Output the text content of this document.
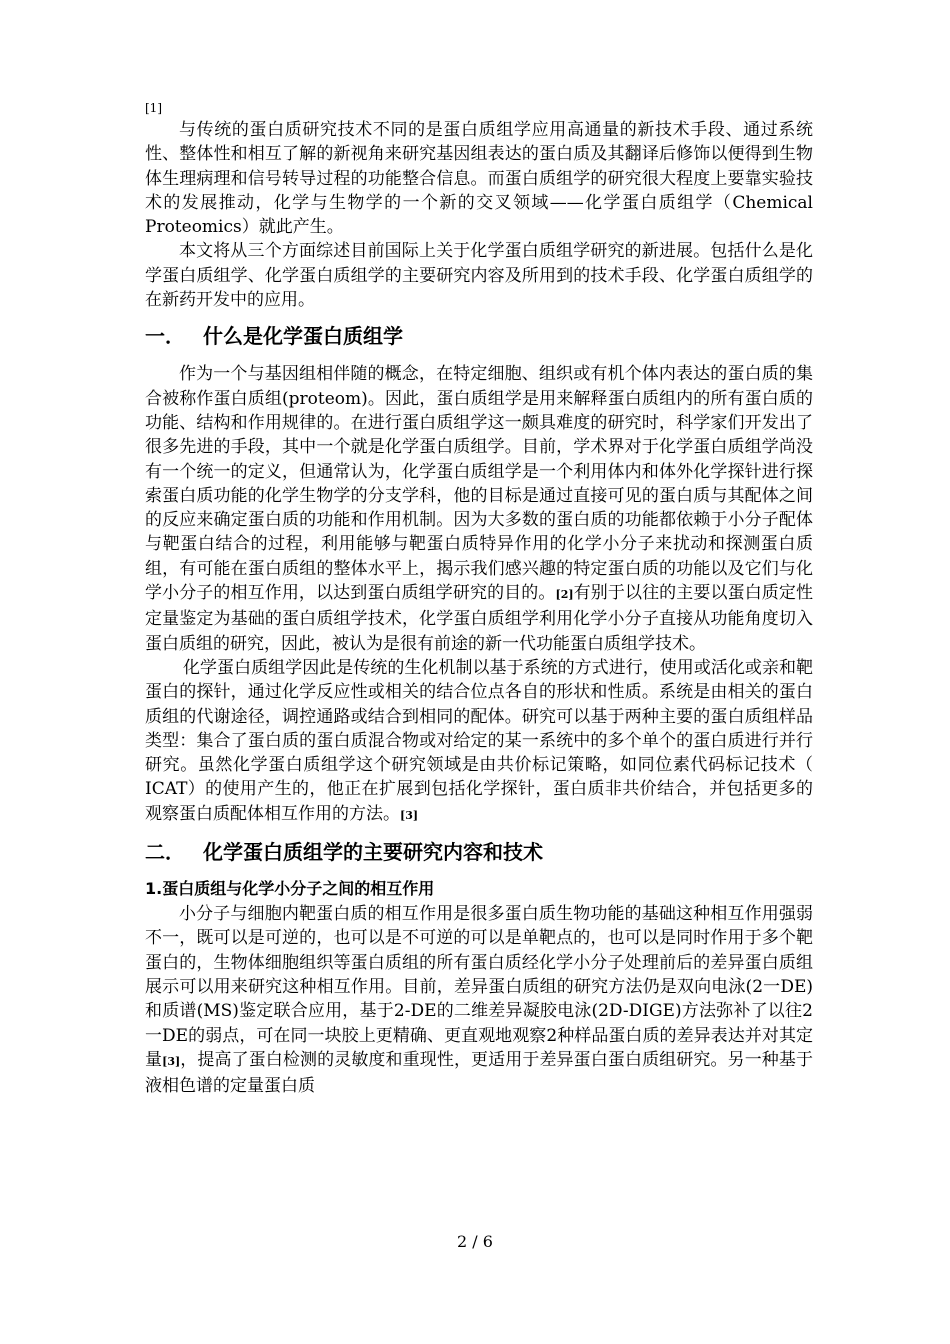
[1]

与传统的蛋白质研究技术不同的是蛋白质组学应用高通量的新技术手段、通过系统性、整体性和相互了解的新视角来研究基因组表达的蛋白质及其翻译后修饰以便得到生物体生理病理和信号转导过程的功能整合信息。而蛋白质组学的研究很大程度上要靠实验技术的发展推动，化学与生物学的一个新的交叉领域——化学蛋白质组学（Chemical Proteomics）就此产生。

本文将从三个方面综述目前国际上关于化学蛋白质组学研究的新进展。包括什么是化学蛋白质组学、化学蛋白质组学的主要研究内容及所用到的技术手段、化学蛋白质组学的在新药开发中的应用。

一． 什么是化学蛋白质组学

作为一个与基因组相伴随的概念，在特定细胞、组织或有机个体内表达的蛋白质的集合被称作蛋白质组(proteom)。因此，蛋白质组学是用来解释蛋白质组内的所有蛋白质的功能、结构和作用规律的。在进行蛋白质组学这一颇具难度的研究时，科学家们开发出了很多先进的手段，其中一个就是化学蛋白质组学。目前，学术界对于化学蛋白质组学尚没有一个统一的定义，但通常认为，化学蛋白质组学是一个利用体内和体外化学探针进行探索蛋白质功能的化学生物学的分支学科，他的目标是通过直接可见的蛋白质与其配体之间的反应来确定蛋白质的功能和作用机制。因为大多数的蛋白质的功能都依赖于小分子配体与靶蛋白结合的过程，利用能够与靶蛋白质特异作用的化学小分子来扰动和探测蛋白质组，有可能在蛋白质组的整体水平上，揭示我们感兴趣的特定蛋白质的功能以及它们与化学小分子的相互作用，以达到蛋白质组学研究的目的。[2]有别于以往的主要以蛋白质定性定量鉴定为基础的蛋白质组学技术，化学蛋白质组学利用化学小分子直接从功能角度切入蛋白质组的研究，因此，被认为是很有前途的新一代功能蛋白质组学技术。

化学蛋白质组学因此是传统的生化机制以基于系统的方式进行，使用或活化或亲和靶蛋白的探针，通过化学反应性或相关的结合位点各自的形状和性质。系统是由相关的蛋白质组的代谢途径，调控通路或结合到相同的配体。研究可以基于两种主要的蛋白质组样品类型：集合了蛋白质的蛋白质混合物或对给定的某一系统中的多个单个的蛋白质进行并行研究。虽然化学蛋白质组学这个研究领域是由共价标记策略，如同位素代码标记技术（ ICAT）的使用产生的，他正在扩展到包括化学探针，蛋白质非共价结合，并包括更多的观察蛋白质配体相互作用的方法。[3]

二． 化学蛋白质组学的主要研究内容和技术
1.蛋白质组与化学小分子之间的相互作用

小分子与细胞内靶蛋白质的相互作用是很多蛋白质生物功能的基础这种相互作用强弱不一，既可以是可逆的，也可以是不可逆的可以是单靶点的，也可以是同时作用于多个靶蛋白的，生物体细胞组织等蛋白质组的所有蛋白质经化学小分子处理前后的差异蛋白质组展示可以用来研究这种相互作用。目前，差异蛋白质组的研究方法仍是双向电泳(2一DE)和质谱(MS)鉴定联合应用，基于2-DE的二维差异凝胶电泳(2D-DIGE)方法弥补了以往2一DE的弱点，可在同一块胶上更精确、更直观地观察2种样品蛋白质的差异表达并对其定量[3]，提高了蛋白检测的灵敏度和重现性，更适用于差异蛋白蛋白质组研究。另一种基于液相色谱的定量蛋白质

2 / 6
